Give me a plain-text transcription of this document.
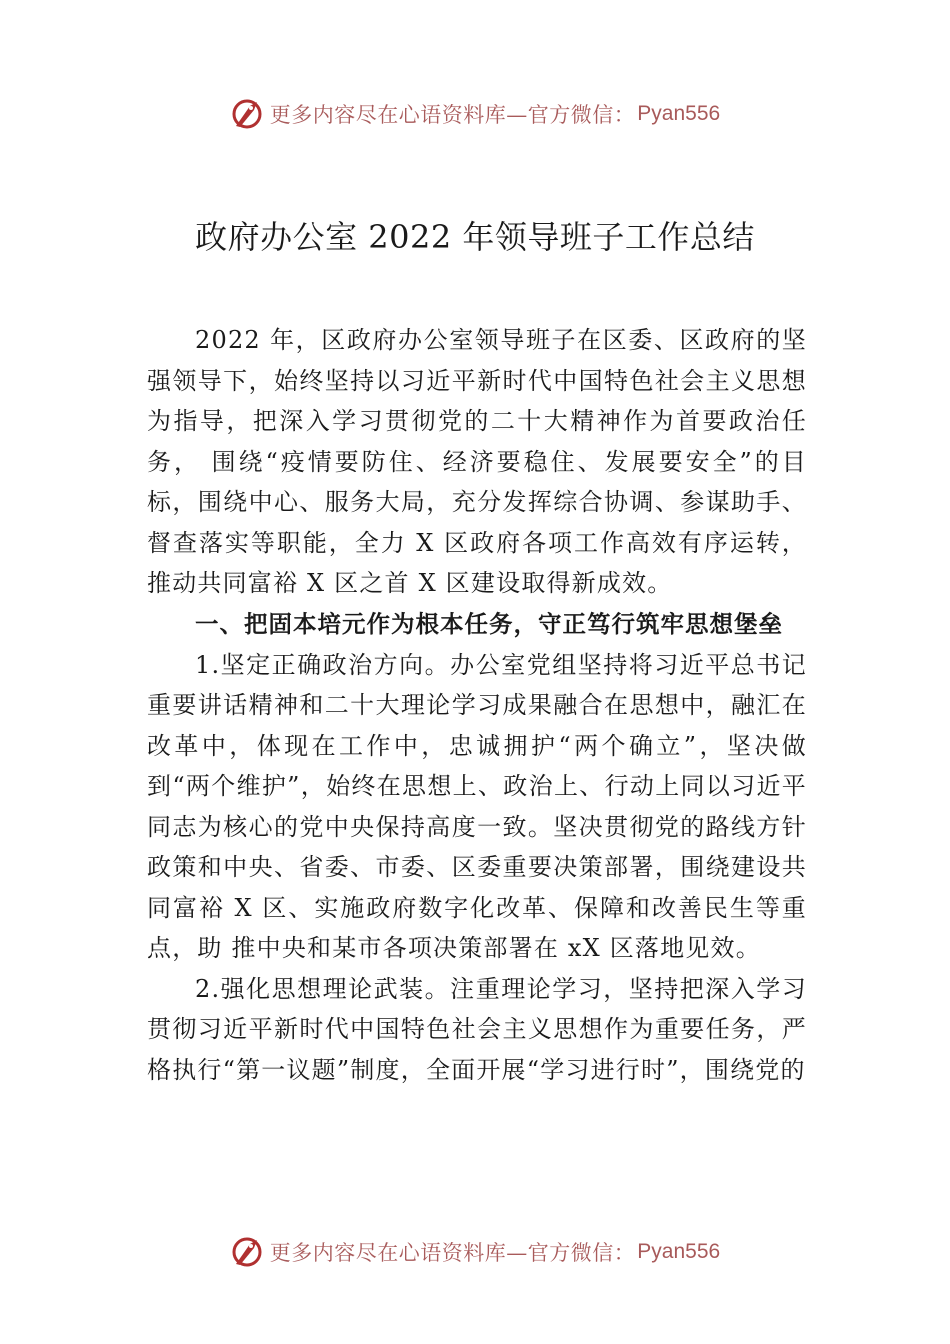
更多内容尽在心语资料库—官方微信： Pyan556
政府办公室 2022 年领导班子工作总结

2022 年，区政府办公室领导班子在区委、区政府的坚强领导下，始终坚持以习近平新时代中国特色社会主义思想为指导，把深入学习贯彻党的二十大精神作为首要政治任务， 围绕“疫情要防住、经济要稳住、发展要安全”的目标，围绕中心、服务大局，充分发挥综合协调、参谋助手、督查落实等职能，全力 X 区政府各项工作高效有序运转，推动共同富裕 X 区之首 X 区建设取得新成效。

一、把固本培元作为根本任务，守正笃行筑牢思想堡垒

1.坚定正确政治方向。办公室党组坚持将习近平总书记重要讲话精神和二十大理论学习成果融合在思想中，融汇在改革中，体现在工作中，忠诚拥护“两个确立”，坚决做到“两个维护”，始终在思想上、政治上、行动上同以习近平同志为核心的党中央保持高度一致。坚决贯彻党的路线方针政策和中央、省委、市委、区委重要决策部署，围绕建设共同富裕 X 区、实施政府数字化改革、保障和改善民生等重点，助 推中央和某市各项决策部署在 xX 区落地见效。

2.强化思想理论武装。注重理论学习，坚持把深入学习贯彻习近平新时代中国特色社会主义思想作为重要任务，严格执行“第一议题”制度，全面开展“学习进行时”，围绕党的

更多内容尽在心语资料库—官方微信： Pyan556
